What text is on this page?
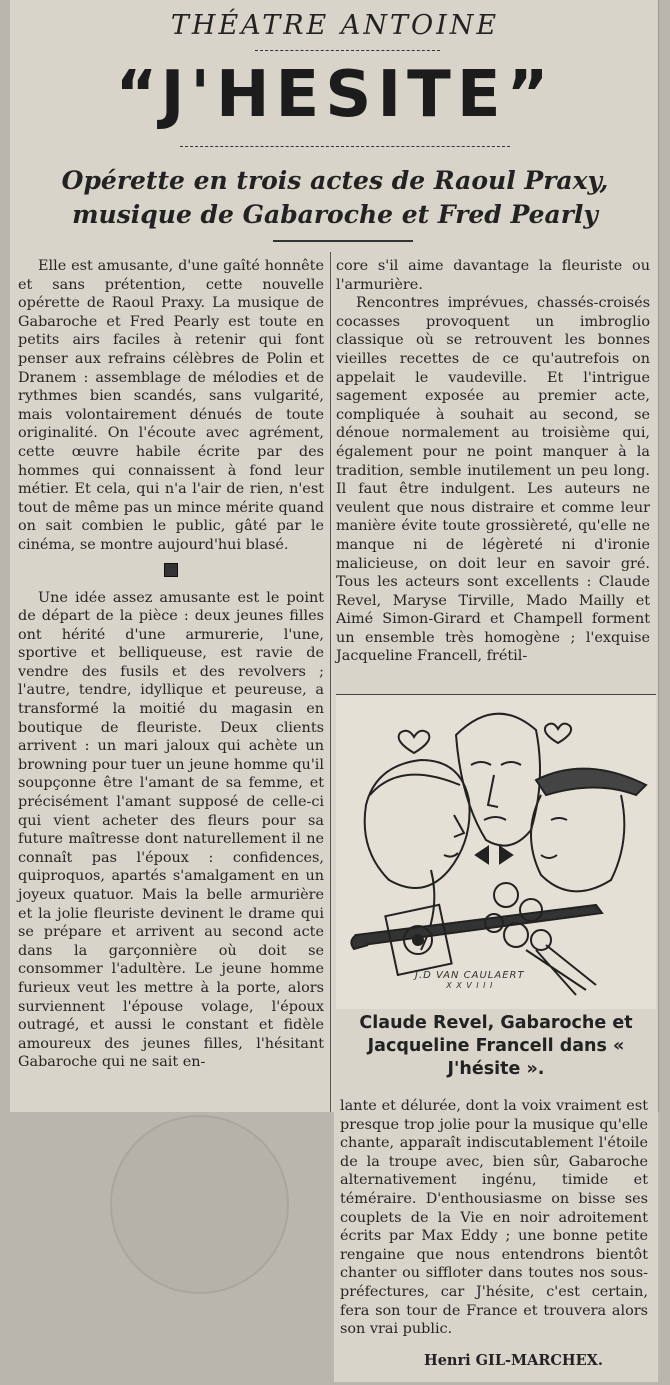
THÉATRE ANTOINE
“J'HESITE”
Opérette en trois actes de Raoul Praxy,
musique de Gabaroche et Fred Pearly

Elle est amusante, d'une gaîté honnête et sans prétention, cette nouvelle opérette de Raoul Praxy. La musique de Gabaroche et Fred Pearly est toute en petits airs faciles à retenir qui font penser aux refrains célèbres de Polin et Dranem : assemblage de mélodies et de rythmes bien scandés, sans vulgarité, mais volontairement dénués de toute originalité. On l'écoute avec agrément, cette œuvre habile écrite par des hommes qui connaissent à fond leur métier. Et cela, qui n'a l'air de rien, n'est tout de même pas un mince mérite quand on sait combien le public, gâté par le cinéma, se montre aujourd'hui blasé.

Une idée assez amusante est le point de départ de la pièce : deux jeunes filles ont hérité d'une armurerie, l'une, sportive et belliqueuse, est ravie de vendre des fusils et des revolvers ; l'autre, tendre, idyllique et peureuse, a transformé la moitié du magasin en boutique de fleuriste. Deux clients arrivent : un mari jaloux qui achète un browning pour tuer un jeune homme qu'il soupçonne être l'amant de sa femme, et précisément l'amant supposé de celle-ci qui vient acheter des fleurs pour sa future maîtresse dont naturellement il ne connaît pas l'époux : confidences, quiproquos, apartés s'amalgament en un joyeux quatuor. Mais la belle armurière et la jolie fleuriste devinent le drame qui se prépare et arrivent au second acte dans la garçonnière où doit se consommer l'adultère. Le jeune homme furieux veut les mettre à la porte, alors surviennent l'épouse volage, l'époux outragé, et aussi le constant et fidèle amoureux des jeunes filles, l'hésitant Gabaroche qui ne sait en-

core s'il aime davantage la fleuriste ou l'armurière.

Rencontres imprévues, chassés-croisés cocasses provoquent un imbroglio classique où se retrouvent les bonnes vieilles recettes de ce qu'autrefois on appelait le vaudeville. Et l'intrigue sagement exposée au premier acte, compliquée à souhait au second, se dénoue normalement au troisième qui, également pour ne point manquer à la tradition, semble inutilement un peu long. Il faut être indulgent. Les auteurs ne veulent que nous distraire et comme leur manière évite toute grossièreté, qu'elle ne manque ni de légèreté ni d'ironie malicieuse, on doit leur en savoir gré. Tous les acteurs sont excellents : Claude Revel, Maryse Tirville, Mado Mailly et Aimé Simon-Girard et Champell forment un ensemble très homogène ; l'exquise Jacqueline Francell, frétil-

J.D VAN CAULAERT
X X V I I I
Claude Revel, Gabaroche et Jacqueline Francell dans « J'hésite ».

lante et délurée, dont la voix vraiment est presque trop jolie pour la musique qu'elle chante, apparaît indiscutablement l'étoile de la troupe avec, bien sûr, Gabaroche alternativement ingénu, timide et téméraire. D'enthousiasme on bisse ses couplets de la Vie en noir adroitement écrits par Max Eddy ; une bonne petite rengaine que nous entendrons bientôt chanter ou siffloter dans toutes nos sous-préfectures, car J'hésite, c'est certain, fera son tour de France et trouvera alors son vrai public.

Henri GIL-MARCHEX.
